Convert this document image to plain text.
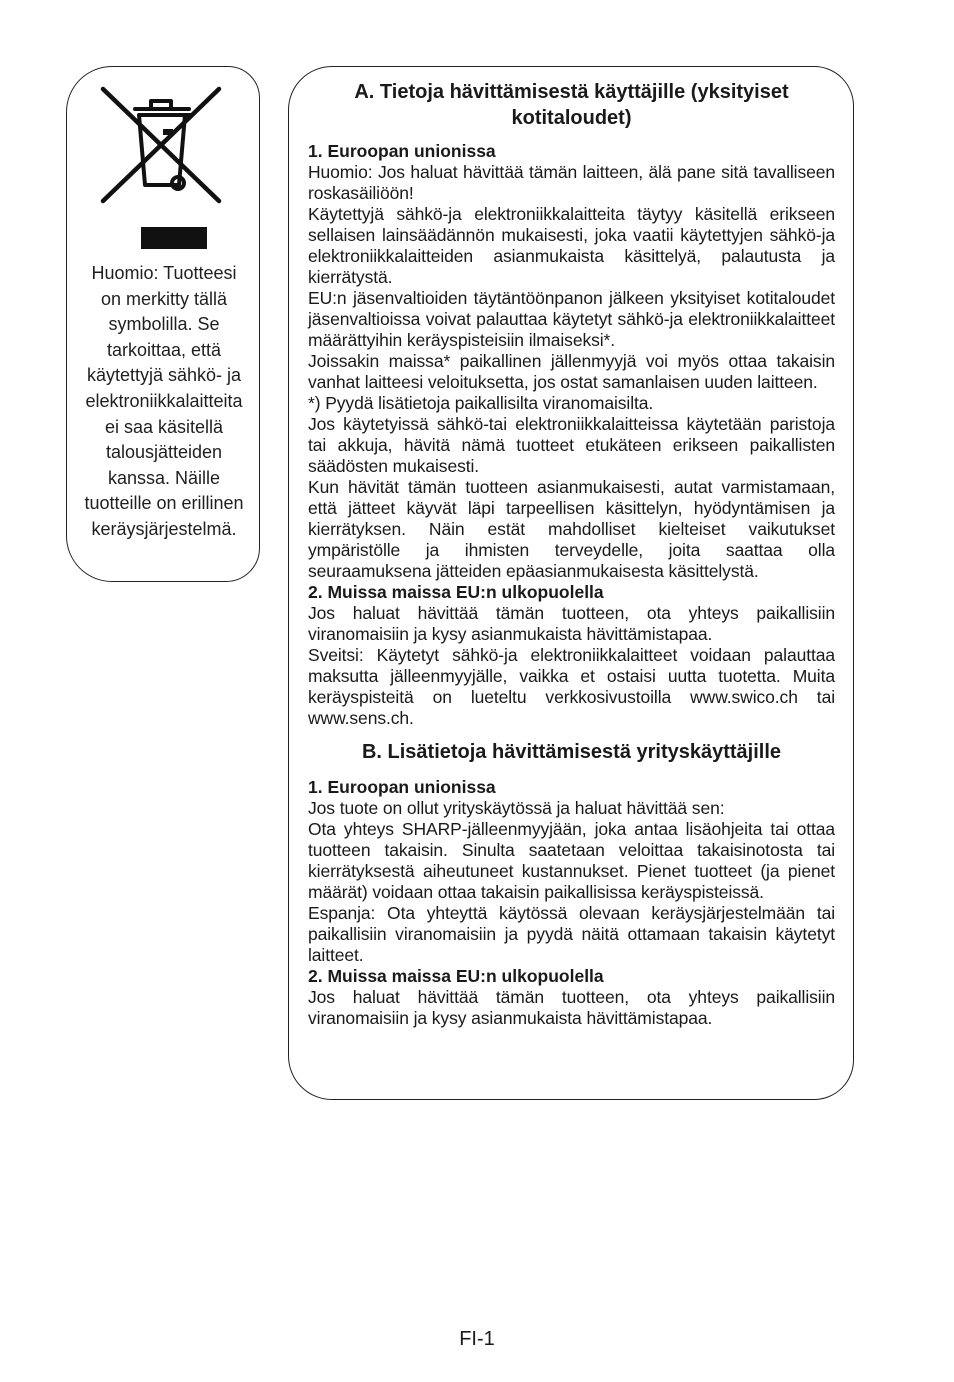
Huomio: Tuotteesi on merkitty tällä symbolilla. Se tarkoittaa, että käytettyjä sähkö- ja elektroniikkalaitteita ei saa käsitellä talousjätteiden kanssa. Näille tuotteille on erillinen keräysjärjestelmä.
A. Tietoja hävittämisestä käyttäjille (yksityiset kotitaloudet)
1. Euroopan unionissa

Huomio: Jos haluat hävittää tämän laitteen, älä pane sitä tavalliseen roskasäiliöön!

Käytettyjä sähkö-ja elektroniikkalaitteita täytyy käsitellä erikseen sellaisen lainsäädännön mukaisesti, joka vaatii käytettyjen sähkö-ja elektroniikkalaitteiden asianmukaista käsittelyä, palautusta ja kierrätystä.

EU:n jäsenvaltioiden täytäntöönpanon jälkeen yksityiset kotitaloudet jäsenvaltioissa voivat palauttaa käytetyt sähkö-ja elektroniikkalaitteet määrättyihin keräyspisteisiin ilmaiseksi*.

Joissakin maissa* paikallinen jällenmyyjä voi myös ottaa takaisin vanhat laitteesi veloituksetta, jos ostat samanlaisen uuden laitteen.

*) Pyydä lisätietoja paikallisilta viranomaisilta.

Jos käytetyissä sähkö-tai elektroniikkalaitteissa käytetään paristoja tai akkuja, hävitä nämä tuotteet etukäteen erikseen paikallisten säädösten mukaisesti.

Kun hävität tämän tuotteen asianmukaisesti, autat varmistamaan, että jätteet käyvät läpi tarpeellisen käsittelyn, hyödyntämisen ja kierrätyksen. Näin estät mahdolliset kielteiset vaikutukset ympäristölle ja ihmisten terveydelle, joita saattaa olla seuraamuksena jätteiden epäasianmukaisesta käsittelystä.

2. Muissa maissa EU:n ulkopuolella

Jos haluat hävittää tämän tuotteen, ota yhteys paikallisiin viranomaisiin ja kysy asianmukaista hävittämistapaa.

Sveitsi: Käytetyt sähkö-ja elektroniikkalaitteet voidaan palauttaa maksutta jälleenmyyjälle, vaikka et ostaisi uutta tuotetta. Muita keräyspisteitä on lueteltu verkkosivustoilla www.swico.ch tai www.sens.ch.

B. Lisätietoja hävittämisestä yrityskäyttäjille
1. Euroopan unionissa

Jos tuote on ollut yrityskäytössä ja haluat hävittää sen:

Ota yhteys SHARP-jälleenmyyjään, joka antaa lisäohjeita tai ottaa tuotteen takaisin. Sinulta saatetaan veloittaa takaisinotosta tai kierrätyksestä aiheutuneet kustannukset. Pienet tuotteet (ja pienet määrät) voidaan ottaa takaisin paikallisissa keräyspisteissä.

Espanja: Ota yhteyttä käytössä olevaan keräysjärjestelmään tai paikallisiin viranomaisiin ja pyydä näitä ottamaan takaisin käytetyt laitteet.

2. Muissa maissa EU:n ulkopuolella

Jos haluat hävittää tämän tuotteen, ota yhteys paikallisiin viranomaisiin ja kysy asianmukaista hävittämistapaa.

FI-1
